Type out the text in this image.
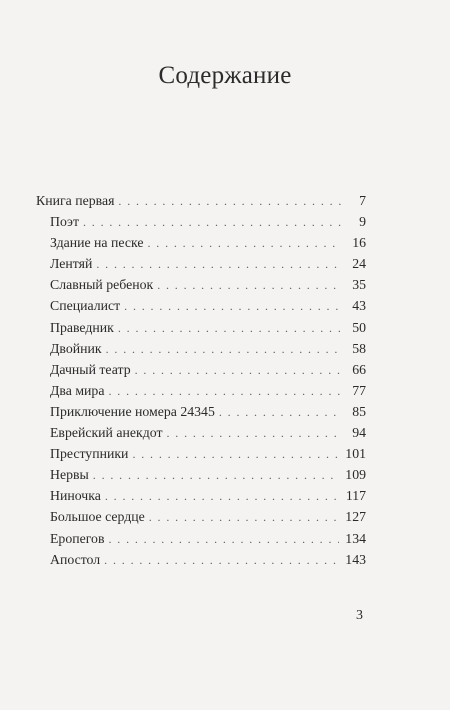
Содержание
Книга первая . . .	7
Поэт . . .	9
Здание на песке . . .	16
Лентяй . . .	24
Славный ребенок . . .	35
Специалист . . .	43
Праведник . . .	50
Двойник . . .	58
Дачный театр . . .	66
Два мира . . .	77
Приключение номера 24345 . . .	85
Еврейский анекдот . . .	94
Преступники . . .	101
Нервы . . .	109
Ниночка . . .	117
Большое сердце . . .	127
Еропегов . . .	134
Апостол . . .	143
3
